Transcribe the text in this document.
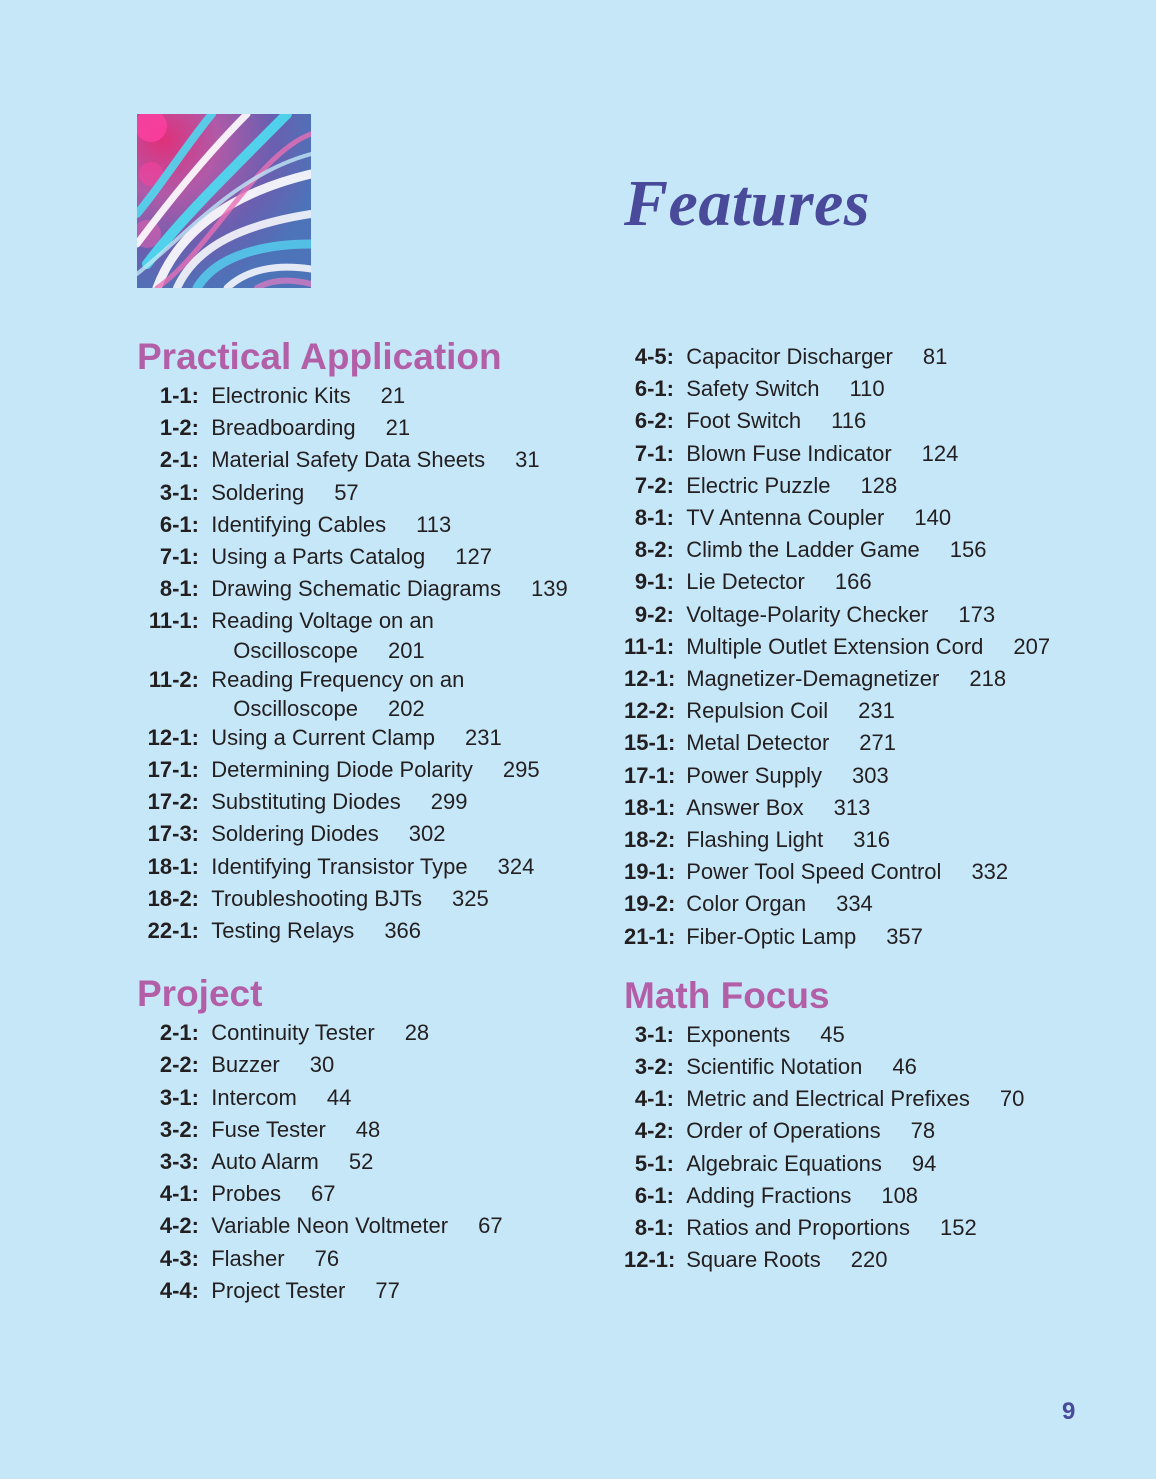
Features
Practical Application
1-1: Electronic Kits 21
1-2: Breadboarding 21
2-1: Material Safety Data Sheets 31
3-1: Soldering 57
6-1: Identifying Cables 113
7-1: Using a Parts Catalog 127
8-1: Drawing Schematic Diagrams 139
11-1: Reading Voltage on an
Oscilloscope 201
11-2: Reading Frequency on an
Oscilloscope 202
12-1: Using a Current Clamp 231
17-1: Determining Diode Polarity 295
17-2: Substituting Diodes 299
17-3: Soldering Diodes 302
18-1: Identifying Transistor Type 324
18-2: Troubleshooting BJTs 325
22-1: Testing Relays 366
Project
2-1: Continuity Tester 28
2-2: Buzzer 30
3-1: Intercom 44
3-2: Fuse Tester 48
3-3: Auto Alarm 52
4-1: Probes 67
4-2: Variable Neon Voltmeter 67
4-3: Flasher 76
4-4: Project Tester 77
4-5: Capacitor Discharger 81
6-1: Safety Switch 110
6-2: Foot Switch 116
7-1: Blown Fuse Indicator 124
7-2: Electric Puzzle 128
8-1: TV Antenna Coupler 140
8-2: Climb the Ladder Game 156
9-1: Lie Detector 166
9-2: Voltage-Polarity Checker 173
11-1: Multiple Outlet Extension Cord 207
12-1: Magnetizer-Demagnetizer 218
12-2: Repulsion Coil 231
15-1: Metal Detector 271
17-1: Power Supply 303
18-1: Answer Box 313
18-2: Flashing Light 316
19-1: Power Tool Speed Control 332
19-2: Color Organ 334
21-1: Fiber-Optic Lamp 357
Math Focus
3-1: Exponents 45
3-2: Scientific Notation 46
4-1: Metric and Electrical Prefixes 70
4-2: Order of Operations 78
5-1: Algebraic Equations 94
6-1: Adding Fractions 108
8-1: Ratios and Proportions 152
12-1: Square Roots 220
9
